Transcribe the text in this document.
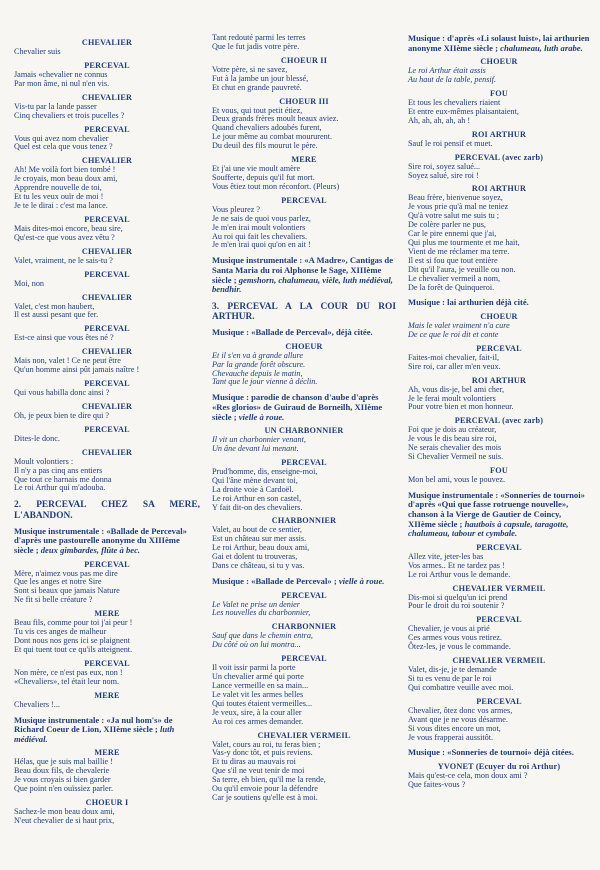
CHEVALIER
Chevalier suis
PERCEVAL
Jamais «chevalier ne connus
Par mon âme, ni nul n'en vis.
CHEVALIER
Vis-tu par la lande passer
Cinq chevaliers et trois pucelles ?
PERCEVAL
Vous qui avez nom chevalier
Quel est cela que vous tenez ?
CHEVALIER
Ah! Me voilà fort bien tombé !
Je croyais, mon beau doux ami,
Apprendre nouvelle de toi,
Et tu les veux ouïr de moi !
Je te le dirai : c'est ma lance.
PERCEVAL
Mais dites-moi encore, beau sire,
Qu'est-ce que vous avez vêtu ?
CHEVALIER
Valet, vraiment, ne le sais-tu ?
PERCEVAL
Moi, non
CHEVALIER
Valet, c'est mon haubert,
Il est aussi pesant que fer.
PERCEVAL
Est-ce ainsi que vous êtes né ?
CHEVALIER
Mais non, valet ! Ce ne peut être
Qu'un homme ainsi pût jamais naître !
PERCEVAL
Qui vous habilla donc ainsi ?
CHEVALIER
Oh, je peux bien te dire qui ?
PERCEVAL
Dites-le donc.
CHEVALIER
Moult volontiers :
Il n'y a pas cinq ans entiers
Que tout ce harnais me donna
Le roi Arthur qui m'adouba.
2. PERCEVAL CHEZ SA MERE, L'ABANDON.
Musique instrumentale : «Ballade de Perceval» d'après une pastourelle anonyme du XIIIème siècle ; deux gimbardes, flûte à bec.
PERCEVAL
Mère, n'aimez vous pas me dire
Que les anges et notre Sire
Sont si beaux que jamais Nature
Ne fit si belle créature ?
MERE
Beau fils, comme pour toi j'ai peur !
Tu vis ces anges de malheur
Dont nous nos gens ici se plaignent
Et qui tuent tout ce qu'ils atteignent.
PERCEVAL
Non mère, ce n'est pas eux, non !
«Chevaliers», tel était leur nom.
MERE
Chevaliers !...
Musique instrumentale : «Ja nul hom's» de Richard Coeur de Lion, XIIème siècle ; luth médiéval.
MERE
Hélas, que je suis mal baillie !
Beau doux fils, de chevalerie
Je vous croyais si bien garder
Que point n'en ouïssiez parler.
CHOEUR I
Sachez-le mon beau doux ami,
N'eut chevalier de si haut prix,
Tant redouté parmi les terres
Que le fut jadis votre père.
CHOEUR II
Votre père, si ne savez,
Fut à la jambe un jour blessé,
Et chut en grande pauvreté.
CHOEUR III
Et vous, qui tout petit étiez,
Deux grands frères moult beaux aviez.
Quand chevaliers adoubés furent,
Le jour même au combat moururent.
Du deuil des fils mourut le père.
MERE
Et j'ai une vie moult amère
Soufferte, depuis qu'il fut mort.
Vous êtiez tout mon réconfort. (Pleurs)
PERCEVAL
Vous pleurez ?
Je ne sais de quoi vous parlez,
Je m'en irai moult volontiers
Au roi qui fait les chevaliers.
Je m'en irai quoi qu'on en ait !
Musique instrumentale : «A Madre», Cantigas de Santa Maria du roi Alphonse le Sage, XIIIème siècle ; gemshorn, chalumeau, vièle, luth médiéval, bendhir.
3. PERCEVAL A LA COUR DU ROI ARTHUR.
Musique : «Ballade de Perceval», déjà citée.
CHOEUR
Et il s'en va à grande allure
Par la grande forêt obscure.
Chevauche depuis le matin,
Tant que le jour vienne à déclin.
Musique : parodie de chanson d'aube d'après «Res glorios» de Guiraud de Borneilh, XIIème siècle ; vielle à roue.
UN CHARBONNIER
Il vit un charbonnier venant,
Un âne devant lui menant.
PERCEVAL
Prud'homme, dis, enseigne-moi,
Qui l'âne mène devant toi,
La droite voie à Cardoël.
Le roi Arthur en son castel,
Y fait dit-on des chevaliers.
CHARBONNIER
Valet, au bout de ce sentier,
Est un château sur mer assis.
Le roi Arthur, beau doux ami,
Gai et dolent tu trouveras,
Dans ce château, si tu y vas.
Musique : «Ballade de Perceval» ; vielle à roue.
PERCEVAL
Le Valet ne prise un denier
Les nouvelles du charbonnier,
CHARBONNIER
Sauf que dans le chemin entra,
Du côté où on lui montra...
PERCEVAL
Il voit issir parmi la porte
Un chevalier armé qui porte
Lance vermeille en sa main...
Le valet vit les armes belles
Qui toutes étaient vermeilles...
Je veux, sire, à la cour aller
Au roi ces armes demander.
CHEVALIER VERMEIL
Valet, cours au roi, tu feras bien ;
Vas-y donc tôt, et puis reviens.
Et tu diras au mauvais roi
Que s'il ne veut tenir de moi
Sa terre, eh bien, qu'il me la rende,
Ou qu'il envoie pour la défendre
Car je soutiens qu'elle est à moi.
Musique : d'après «Li solaust luist», lai arthurien anonyme XIIème siècle ; chalumeau, luth arabe.
CHOEUR
Le roi Arthur était assis
Au haut de la table, pensif.
FOU
Et tous les chevaliers riaient
Et entre eux-mêmes plaisantaient,
Ah, ah, ah, ah, ah !
ROI ARTHUR
Sauf le roi pensif et muet.
PERCEVAL (avec zarb)
Sire roi, soyez salué...
Soyez salué, sire roi !
ROI ARTHUR
Beau frère, bienvenue soyez,
Je vous prie qu'à mal ne teniez
Qu'à votre salut me suis tu ;
De colère parler ne pus,
Car le pire ennemi que j'ai,
Qui plus me tourmente et me hait,
Vient de me réclamer ma terre.
Il est si fou que tout entière
Dit qu'il l'aura, je veuille ou non.
Le chevalier vermeil a nom,
De la forêt de Quinqueroi.
Musique : lai arthurien déjà cité.
CHOEUR
Mais le valet vraiment n'a cure
De ce que le roi dit et conte
PERCEVAL
Faites-moi chevalier, fait-il,
Sire roi, car aller m'en veux.
ROI ARTHUR
Ah, vous dis-je, bel ami cher,
Je le ferai moult volontiers
Pour votre bien et mon honneur.
PERCEVAL (avec zarb)
Foi que je dois au créateur,
Je vous le dis beau sire roi,
Ne serais chevalier des mois
Si Chevalier Vermeil ne suis.
FOU
Mon bel ami, vous le pouvez.
Musique instrumentale : «Sonneries de tournoi» d'après «Qui que fasse rotruenge nouvelle», chanson à la Vierge de Gautier de Coincy, XIIème siècle ; hautbois à capsule, taragotte, chalumeau, tabour et cymbale.
PERCEVAL
Allez vite, jeter-les bas
Vos armes.. Et ne tardez pas !
Le roi Arthur vous le demande.
CHEVALIER VERMEIL
Dis-moi si quelqu'un ici prend
Pour le droit du roi soutenir ?
PERCEVAL
Chevalier, je vous ai prié
Ces armes vous vous retirez.
Ôtez-les, je vous le commande.
CHEVALIER VERMEIL
Valet, dis-je, je te demande
Si tu es venu de par le roi
Qui combattre veuille avec moi.
PERCEVAL
Chevalier, ôtez donc vos armes,
Avant que je ne vous désarme.
Si vous dites encore un mot,
Je vous frapperai aussitôt.
Musique : «Sonneries de tournoi» déjà citées.
YVONET (Ecuyer du roi Arthur)
Mais qu'est-ce cela, mon doux ami ?
Que faites-vous ?
